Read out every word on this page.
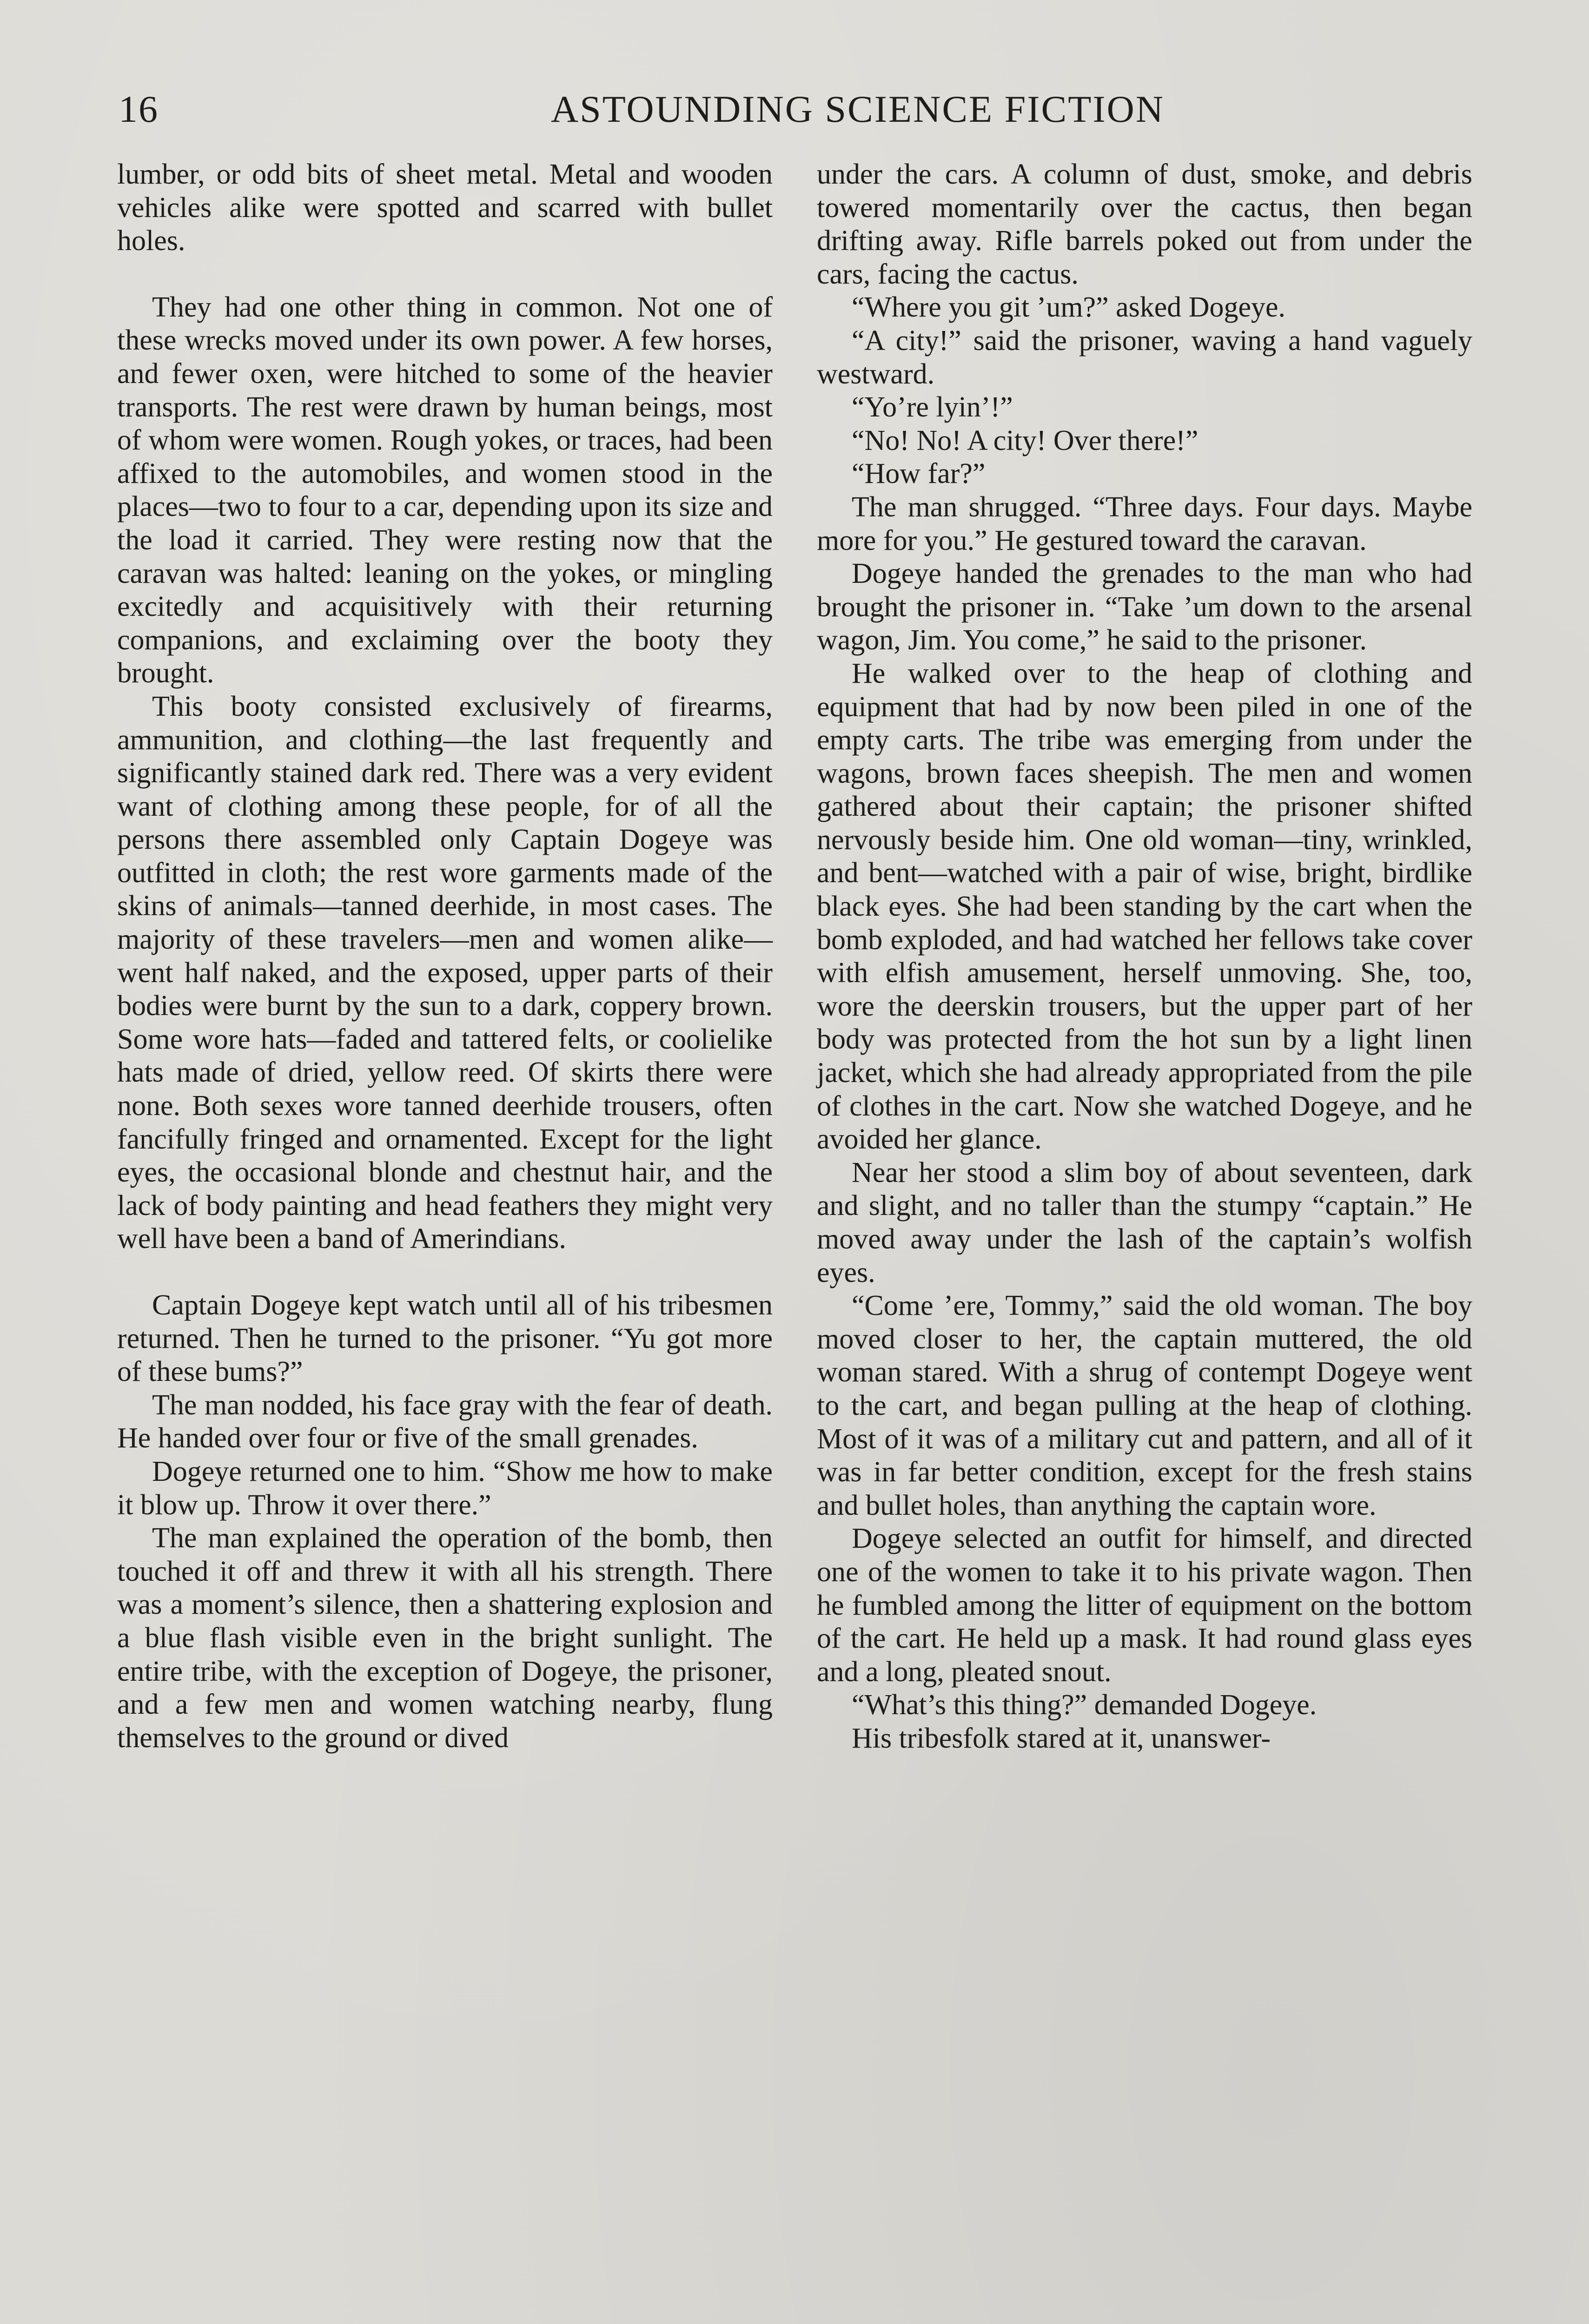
16	ASTOUNDING SCIENCE FICTION

lumber, or odd bits of sheet metal. Metal and wooden vehicles alike were spotted and scarred with bullet holes.

They had one other thing in common. Not one of these wrecks moved under its own power. A few horses, and fewer oxen, were hitched to some of the heavier transports. The rest were drawn by human beings, most of whom were women. Rough yokes, or traces, had been affixed to the automobiles, and women stood in the places—two to four to a car, depending upon its size and the load it carried. They were resting now that the caravan was halted: leaning on the yokes, or mingling excitedly and acquisitively with their returning companions, and exclaiming over the booty they brought.

This booty consisted exclusively of firearms, ammunition, and clothing—the last frequently and significantly stained dark red. There was a very evident want of clothing among these people, for of all the persons there assembled only Captain Dogeye was outfitted in cloth; the rest wore garments made of the skins of animals—tanned deerhide, in most cases. The majority of these travelers—men and women alike—went half naked, and the exposed, upper parts of their bodies were burnt by the sun to a dark, coppery brown. Some wore hats—faded and tattered felts, or coolielike hats made of dried, yellow reed. Of skirts there were none. Both sexes wore tanned deerhide trousers, often fancifully fringed and ornamented. Except for the light eyes, the occasional blonde and chestnut hair, and the lack of body painting and head feathers they might very well have been a band of Amerindians.

Captain Dogeye kept watch until all of his tribesmen returned. Then he turned to the prisoner. “Yu got more of these bums?”

The man nodded, his face gray with the fear of death. He handed over four or five of the small grenades.

Dogeye returned one to him. “Show me how to make it blow up. Throw it over there.”

The man explained the operation of the bomb, then touched it off and threw it with all his strength. There was a moment’s silence, then a shattering explosion and a blue flash visible even in the bright sunlight. The entire tribe, with the exception of Dogeye, the prisoner, and a few men and women watching nearby, flung themselves to the ground or dived

under the cars. A column of dust, smoke, and debris towered momentarily over the cactus, then began drifting away. Rifle barrels poked out from under the cars, facing the cactus.

“Where you git ’um?” asked Dogeye.

“A city!” said the prisoner, waving a hand vaguely westward.

“Yo’re lyin’!”

“No! No! A city! Over there!”

“How far?”

The man shrugged. “Three days. Four days. Maybe more for you.” He gestured toward the caravan.

Dogeye handed the grenades to the man who had brought the prisoner in. “Take ’um down to the arsenal wagon, Jim. You come,” he said to the prisoner.

He walked over to the heap of clothing and equipment that had by now been piled in one of the empty carts. The tribe was emerging from under the wagons, brown faces sheepish. The men and women gathered about their captain; the prisoner shifted nervously beside him. One old woman—tiny, wrinkled, and bent—watched with a pair of wise, bright, birdlike black eyes. She had been standing by the cart when the bomb exploded, and had watched her fellows take cover with elfish amusement, herself unmoving. She, too, wore the deerskin trousers, but the upper part of her body was protected from the hot sun by a light linen jacket, which she had already appropriated from the pile of clothes in the cart. Now she watched Dogeye, and he avoided her glance.

Near her stood a slim boy of about seventeen, dark and slight, and no taller than the stumpy “captain.” He moved away under the lash of the captain’s wolfish eyes.

“Come ’ere, Tommy,” said the old woman. The boy moved closer to her, the captain muttered, the old woman stared. With a shrug of contempt Dogeye went to the cart, and began pulling at the heap of clothing. Most of it was of a military cut and pattern, and all of it was in far better condition, except for the fresh stains and bullet holes, than anything the captain wore.

Dogeye selected an outfit for himself, and directed one of the women to take it to his private wagon. Then he fumbled among the litter of equipment on the bottom of the cart. He held up a mask. It had round glass eyes and a long, pleated snout.

“What’s this thing?” demanded Dogeye.

His tribesfolk stared at it, unanswer-
